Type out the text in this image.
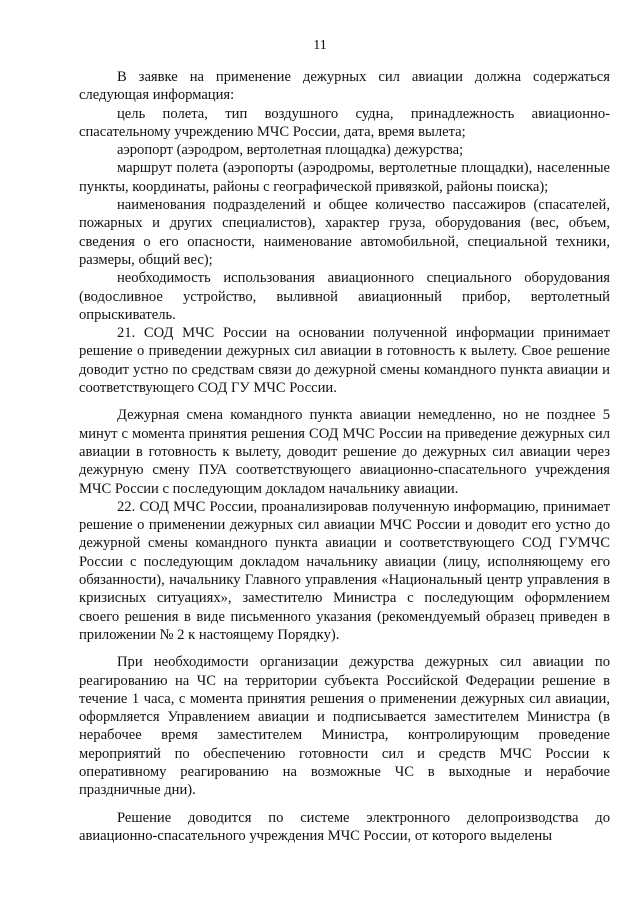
11

В заявке на применение дежурных сил авиации должна содержаться следующая информация:

цель полета, тип воздушного судна, принадлежность авиационно-спасательному учреждению МЧС России, дата, время вылета;

аэропорт (аэродром, вертолетная площадка) дежурства;

маршрут полета (аэропорты (аэродромы, вертолетные площадки), населенные пункты, координаты, районы с географической привязкой, районы поиска);

наименования подразделений и общее количество пассажиров (спасателей, пожарных и других специалистов), характер груза, оборудования (вес, объем, сведения о его опасности, наименование автомобильной, специальной техники, размеры, общий вес);

необходимость использования авиационного специального оборудования (водосливное устройство, выливной авиационный прибор, вертолетный опрыскиватель.

21. СОД МЧС России на основании полученной информации принимает решение о приведении дежурных сил авиации в готовность к вылету. Свое решение доводит устно по средствам связи до дежурной смены командного пункта авиации и соответствующего СОД ГУ МЧС России.

Дежурная смена командного пункта авиации немедленно, но не позднее 5 минут с момента принятия решения СОД МЧС России на приведение дежурных сил авиации в готовность к вылету, доводит решение до дежурных сил авиации через дежурную смену ПУА соответствующего авиационно-спасательного учреждения МЧС России с последующим докладом начальнику авиации.

22. СОД МЧС России, проанализировав полученную информацию, принимает решение о применении дежурных сил авиации МЧС России и доводит его устно до дежурной смены командного пункта авиации и соответствующего СОД ГУМЧС России с последующим докладом начальнику авиации (лицу, исполняющему его обязанности), начальнику Главного управления «Национальный центр управления в кризисных ситуациях», заместителю Министра с последующим оформлением своего решения в виде письменного указания (рекомендуемый образец приведен в приложении № 2 к настоящему Порядку).

При необходимости организации дежурства дежурных сил авиации по реагированию на ЧС на территории субъекта Российской Федерации решение в течение 1 часа, с момента принятия решения о применении дежурных сил авиации, оформляется Управлением авиации и подписывается заместителем Министра (в нерабочее время заместителем Министра, контролирующим проведение мероприятий по обеспечению готовности сил и средств МЧС России к оперативному реагированию на возможные ЧС в выходные и нерабочие праздничные дни).

Решение доводится по системе электронного делопроизводства до авиационно-спасательного учреждения МЧС России, от которого выделены
